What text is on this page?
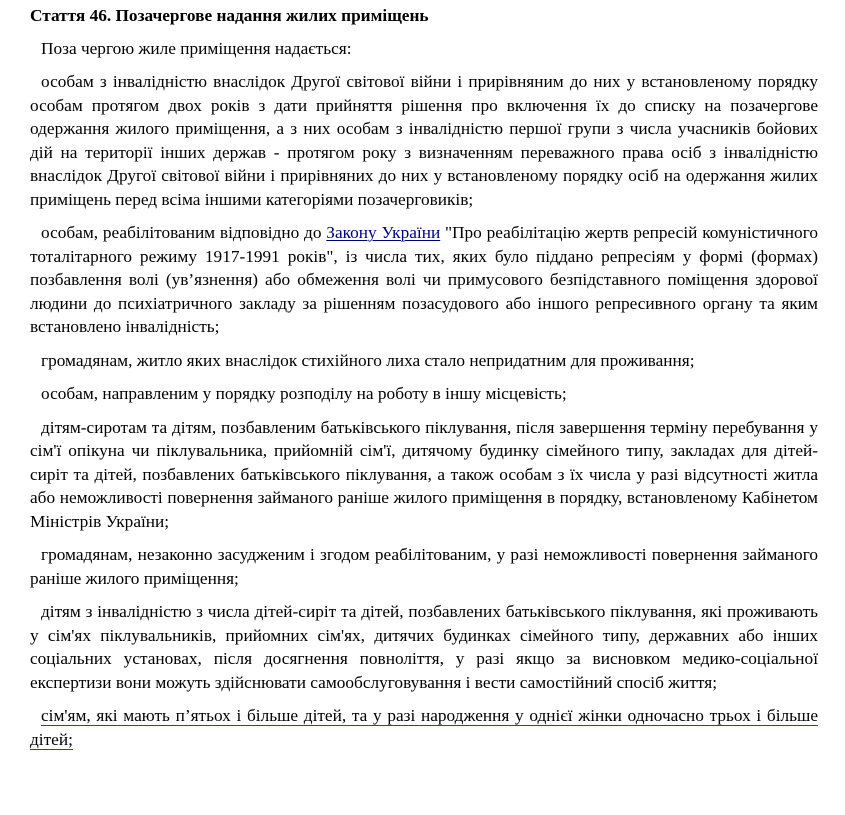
Стаття 46. Позачергове надання жилих приміщень

Поза чергою жиле приміщення надається:

особам з інвалідністю внаслідок Другої світової війни і прирівняним до них у встановленому порядку особам протягом двох років з дати прийняття рішення про включення їх до списку на позачергове одержання жилого приміщення, а з них особам з інвалідністю першої групи з числа учасників бойових дій на території інших держав - протягом року з визначенням переважного права осіб з інвалідністю внаслідок Другої світової війни і прирівняних до них у встановленому порядку осіб на одержання жилих приміщень перед всіма іншими категоріями позачерговиків;

особам, реабілітованим відповідно до Закону України "Про реабілітацію жертв репресій комуністичного тоталітарного режиму 1917-1991 років", із числа тих, яких було піддано репресіям у формі (формах) позбавлення волі (ув’язнення) або обмеження волі чи примусового безпідставного поміщення здорової людини до психіатричного закладу за рішенням позасудового або іншого репресивного органу та яким встановлено інвалідність;

громадянам, житло яких внаслідок стихійного лиха стало непридатним для проживання;

особам, направленим у порядку розподілу на роботу в іншу місцевість;

дітям-сиротам та дітям, позбавленим батьківського піклування, після завершення терміну перебування у сім'ї опікуна чи піклувальника, прийомній сім'ї, дитячому будинку сімейного типу, закладах для дітей-сиріт та дітей, позбавлених батьківського піклування, а також особам з їх числа у разі відсутності житла або неможливості повернення займаного раніше жилого приміщення в порядку, встановленому Кабінетом Міністрів України;

громадянам, незаконно засудженим і згодом реабілітованим, у разі неможливості повернення займаного раніше жилого приміщення;

дітям з інвалідністю з числа дітей-сиріт та дітей, позбавлених батьківського піклування, які проживають у сім'ях піклувальників, прийомних сім'ях, дитячих будинках сімейного типу, державних або інших соціальних установах, після досягнення повноліття, у разі якщо за висновком медико-соціальної експертизи вони можуть здійснювати самообслуговування і вести самостійний спосіб життя;

сім'ям, які мають п’ятьох і більше дітей, та у разі народження у однієї жінки одночасно трьох і більше дітей;
